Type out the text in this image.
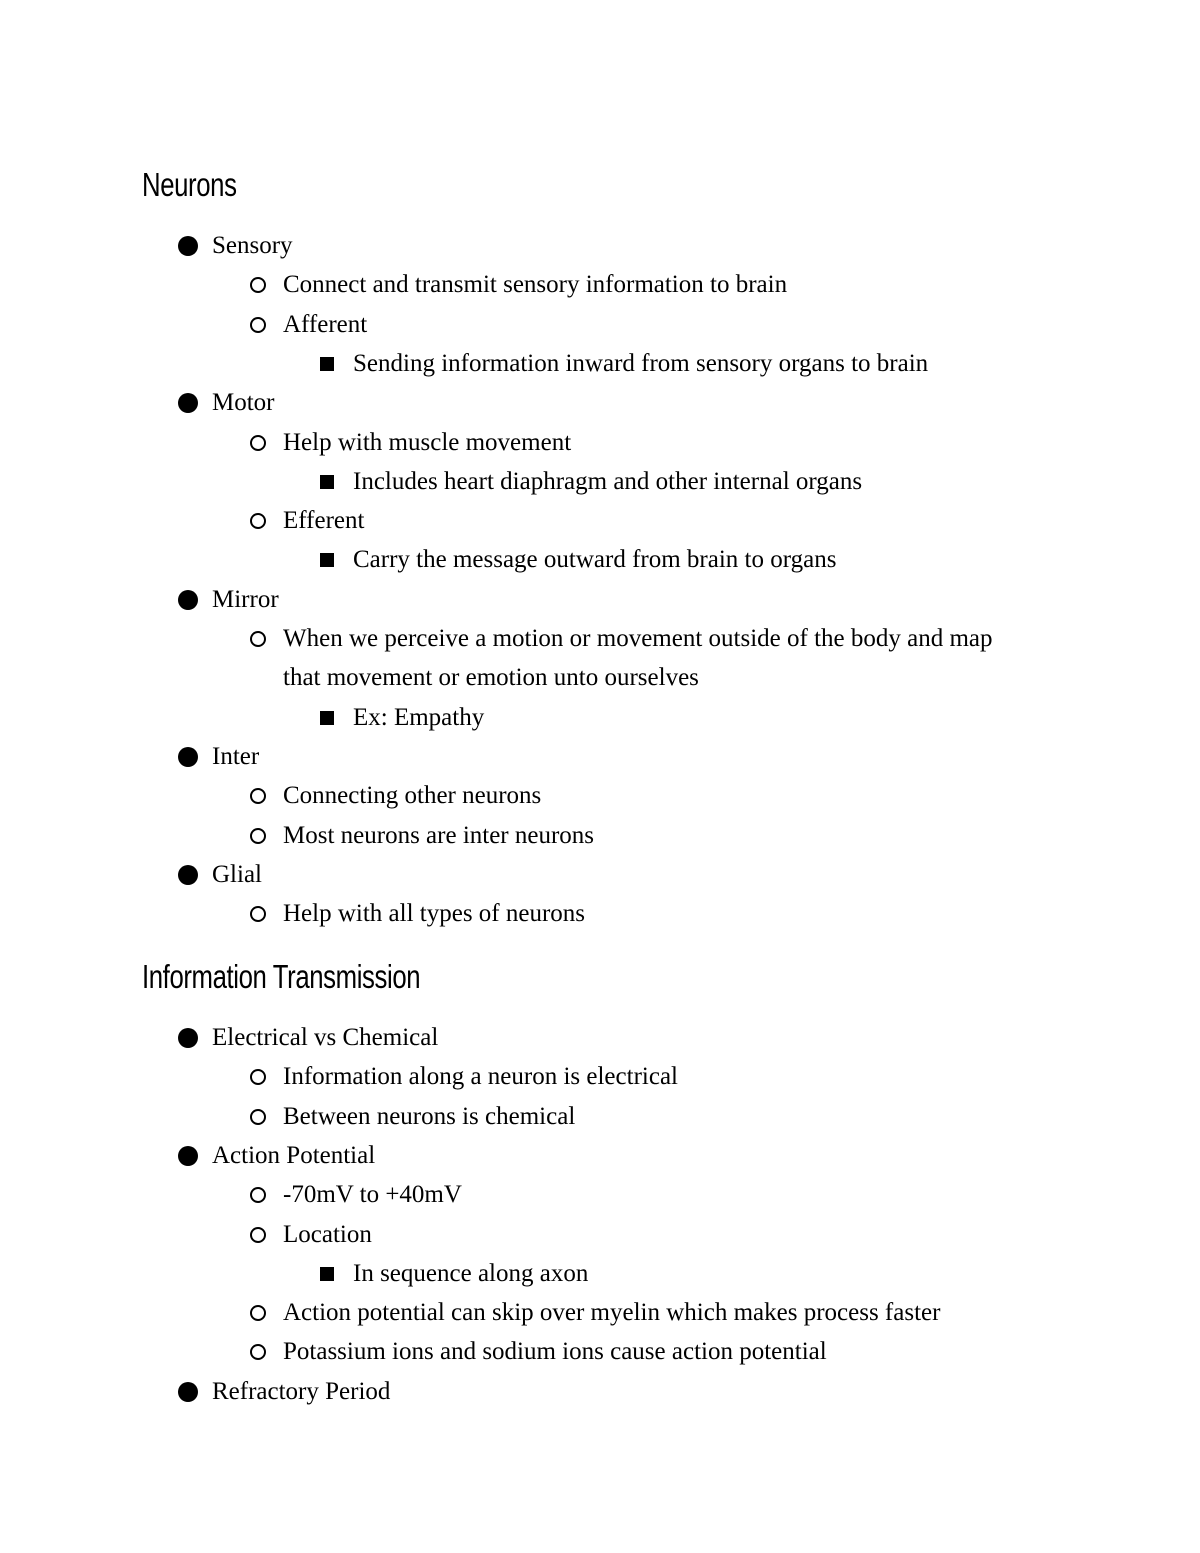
Neurons
Sensory
Connect and transmit sensory information to brain
Afferent
Sending information inward from sensory organs to brain
Motor
Help with muscle movement
Includes heart diaphragm and other internal organs
Efferent
Carry the message outward from brain to organs
Mirror
When we perceive a motion or movement outside of the body and map
that movement or emotion unto ourselves
Ex: Empathy
Inter
Connecting other neurons
Most neurons are inter neurons
Glial
Help with all types of neurons
Information Transmission
Electrical vs Chemical
Information along a neuron is electrical
Between neurons is chemical
Action Potential
-70mV to +40mV
Location
In sequence along axon
Action potential can skip over myelin which makes process faster
Potassium ions and sodium ions cause action potential
Refractory Period
